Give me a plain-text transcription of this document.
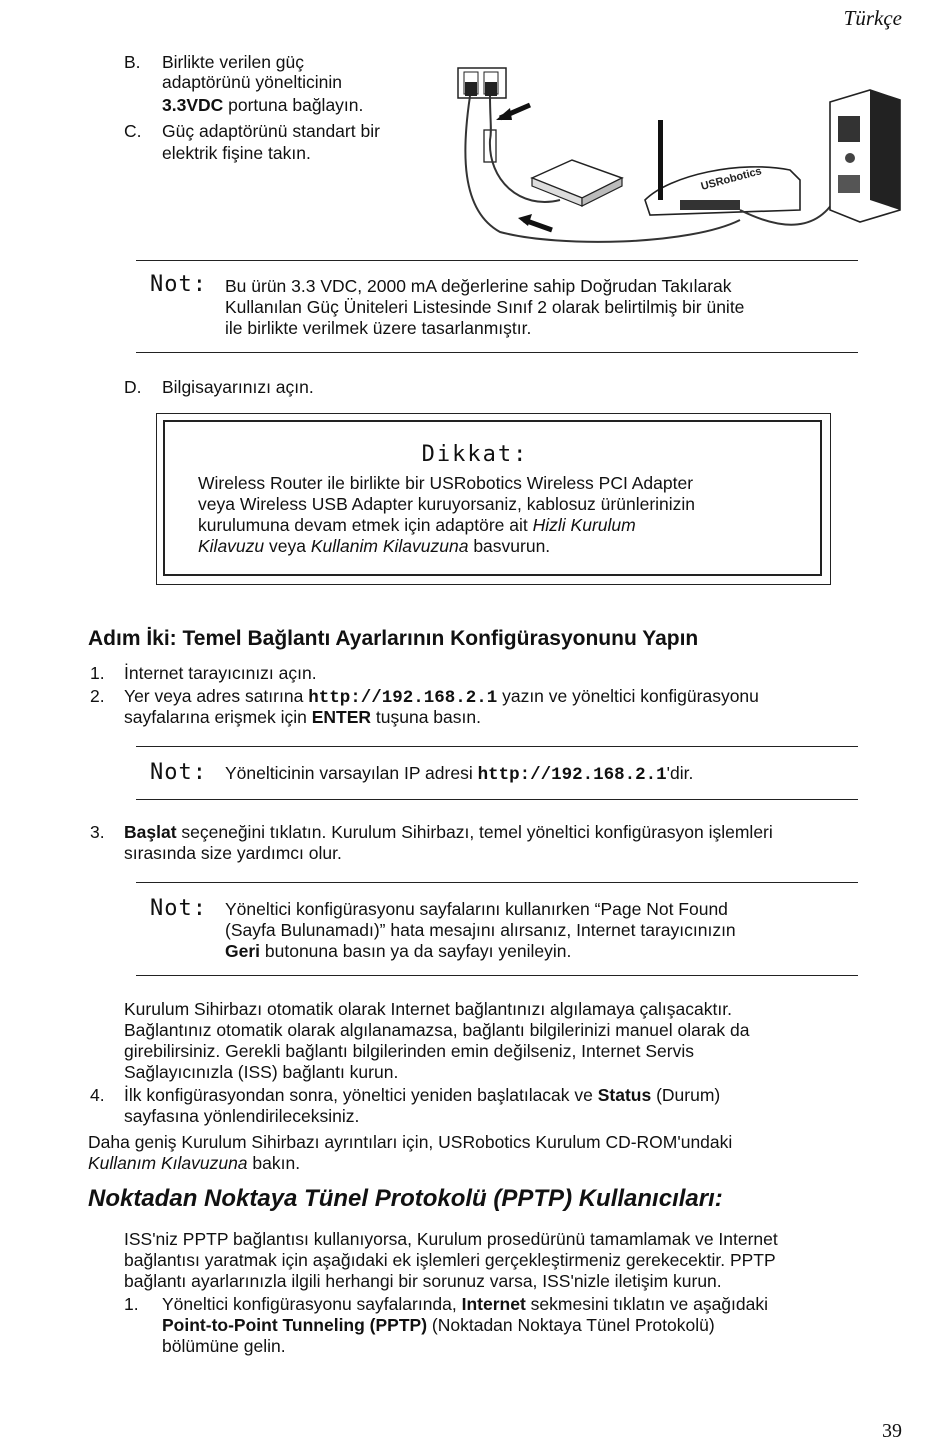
Türkçe
B. Birlikte verilen güç
adaptörünü yönelticinin
3.3VDC portuna bağlayın.
C. Güç adaptörünü standart bir
elektrik fişine takın.
USRobotics
Not: Bu ürün 3.3 VDC, 2000 mA değerlerine sahip Doğrudan Takılarak
Kullanılan Güç Üniteleri Listesinde Sınıf 2 olarak belirtilmiş bir ünite
ile birlikte verilmek üzere tasarlanmıştır.
D. Bilgisayarınızı açın.
Dikkat:
Wireless Router ile birlikte bir USRobotics Wireless PCI Adapter
veya Wireless USB Adapter kuruyorsaniz, kablosuz ürünlerinizin
kurulumuna devam etmek için adaptöre ait Hizli Kurulum
Kilavuzu veya Kullanim Kilavuzuna basvurun.
Adım İki: Temel Bağlantı Ayarlarının Konfigürasyonunu Yapın
1. İnternet tarayıcınızı açın.
2. Yer veya adres satırına http://192.168.2.1 yazın ve yöneltici konfigürasyonu
sayfalarına erişmek için ENTER tuşuna basın.
Not: Yönelticinin varsayılan IP adresi http://192.168.2.1'dir.
3. Başlat seçeneğini tıklatın. Kurulum Sihirbazı, temel yöneltici konfigürasyon işlemleri
sırasında size yardımcı olur.
Not: Yöneltici konfigürasyonu sayfalarını kullanırken “Page Not Found
(Sayfa Bulunamadı)” hata mesajını alırsanız, Internet tarayıcınızın
Geri butonuna basın ya da sayfayı yenileyin.
Kurulum Sihirbazı otomatik olarak Internet bağlantınızı algılamaya çalışacaktır.
Bağlantınız otomatik olarak algılanamazsa, bağlantı bilgilerinizi manuel olarak da
girebilirsiniz. Gerekli bağlantı bilgilerinden emin değilseniz, Internet Servis
Sağlayıcınızla (ISS) bağlantı kurun.
4. İlk konfigürasyondan sonra, yöneltici yeniden başlatılacak ve Status (Durum)
sayfasına yönlendirileceksiniz.
Daha geniş Kurulum Sihirbazı ayrıntıları için, USRobotics Kurulum CD-ROM'undaki
Kullanım Kılavuzuna bakın.
Noktadan Noktaya Tünel Protokolü (PPTP) Kullanıcıları:
ISS'niz PPTP bağlantısı kullanıyorsa, Kurulum prosedürünü tamamlamak ve Internet
bağlantısı yaratmak için aşağıdaki ek işlemleri gerçekleştirmeniz gerekecektir. PPTP
bağlantı ayarlarınızla ilgili herhangi bir sorunuz varsa, ISS'nizle iletişim kurun.
1. Yöneltici konfigürasyonu sayfalarında, Internet sekmesini tıklatın ve aşağıdaki
Point-to-Point Tunneling (PPTP) (Noktadan Noktaya Tünel Protokolü)
bölümüne gelin.
39
